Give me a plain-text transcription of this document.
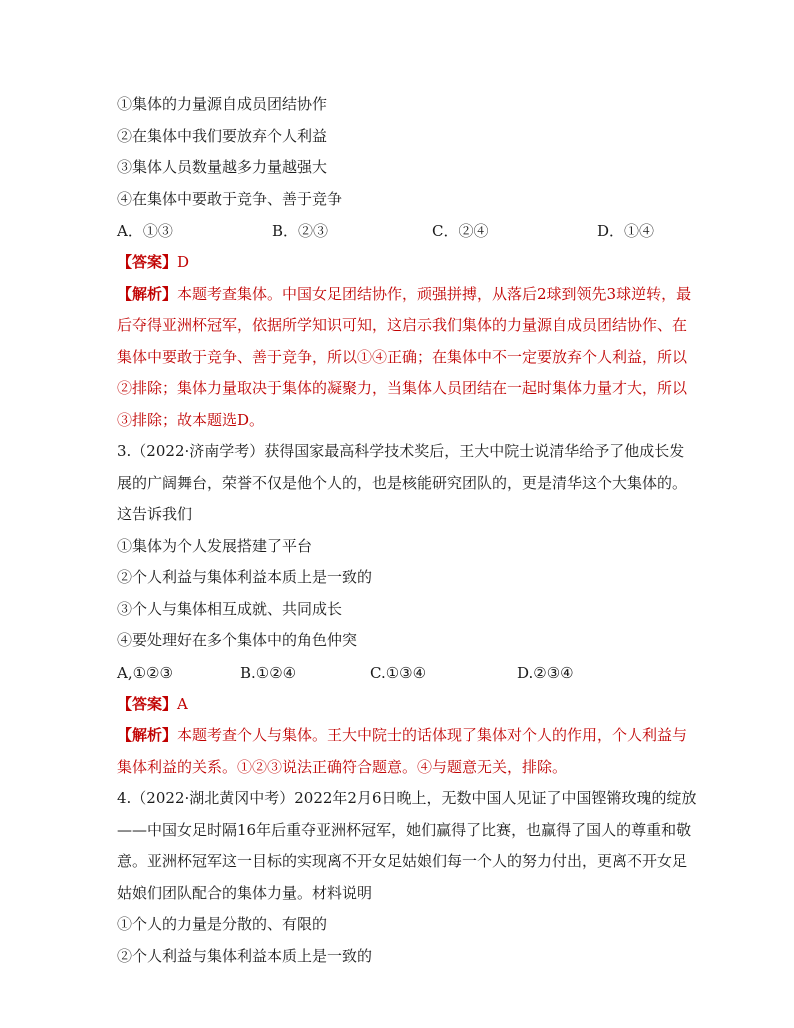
①集体的力量源自成员团结协作
②在集体中我们要放弃个人利益
③集体人员数量越多力量越强大
④在集体中要敢于竞争、善于竞争
A．①③	B．②③	C．②④	D．①④
【答案】D
【解析】本题考查集体。中国女足团结协作，顽强拼搏，从落后2球到领先3球逆转，最后夺得亚洲杯冠军，依据所学知识可知，这启示我们集体的力量源自成员团结协作、在集体中要敢于竞争、善于竞争，所以①④正确；在集体中不一定要放弃个人利益，所以②排除；集体力量取决于集体的凝聚力，当集体人员团结在一起时集体力量才大，所以③排除；故本题选D。
3.（2022·济南学考）获得国家最高科学技术奖后，王大中院士说清华给予了他成长发展的广阔舞台，荣誉不仅是他个人的，也是核能研究团队的，更是清华这个大集体的。这告诉我们
①集体为个人发展搭建了平台
②个人利益与集体利益本质上是一致的
③个人与集体相互成就、共同成长
④要处理好在多个集体中的角色仲突
A,①②③	B.①②④	C.①③④	D.②③④
【答案】A
【解析】本题考查个人与集体。王大中院士的话体现了集体对个人的作用，个人利益与集体利益的关系。①②③说法正确符合题意。④与题意无关，排除。
4.（2022·湖北黄冈中考）2022年2月6日晚上，无数中国人见证了中国铿锵玫瑰的绽放——中国女足时隔16年后重夺亚洲杯冠军，她们赢得了比赛，也赢得了国人的尊重和敬意。亚洲杯冠军这一目标的实现离不开女足姑娘们每一个人的努力付出，更离不开女足姑娘们团队配合的集体力量。材料说明
①个人的力量是分散的、有限的
②个人利益与集体利益本质上是一致的
